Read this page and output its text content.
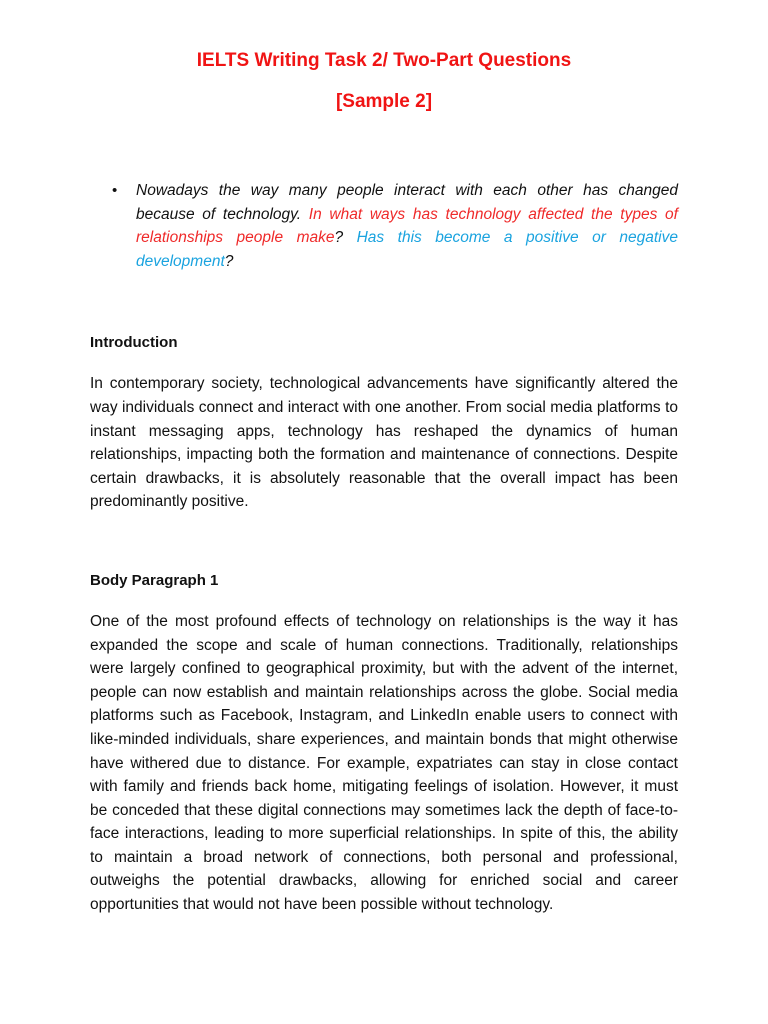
IELTS Writing Task 2/ Two-Part Questions
[Sample 2]
• Nowadays the way many people interact with each other has changed because of technology. In what ways has technology affected the types of relationships people make? Has this become a positive or negative development?
Introduction

In contemporary society, technological advancements have significantly altered the way individuals connect and interact with one another. From social media platforms to instant messaging apps, technology has reshaped the dynamics of human relationships, impacting both the formation and maintenance of connections. Despite certain drawbacks, it is absolutely reasonable that the overall impact has been predominantly positive.

Body Paragraph 1

One of the most profound effects of technology on relationships is the way it has expanded the scope and scale of human connections. Traditionally, relationships were largely confined to geographical proximity, but with the advent of the internet, people can now establish and maintain relationships across the globe. Social media platforms such as Facebook, Instagram, and LinkedIn enable users to connect with like-minded individuals, share experiences, and maintain bonds that might otherwise have withered due to distance. For example, expatriates can stay in close contact with family and friends back home, mitigating feelings of isolation. However, it must be conceded that these digital connections may sometimes lack the depth of face-to-face interactions, leading to more superficial relationships. In spite of this, the ability to maintain a broad network of connections, both personal and professional, outweighs the potential drawbacks, allowing for enriched social and career opportunities that would not have been possible without technology.
